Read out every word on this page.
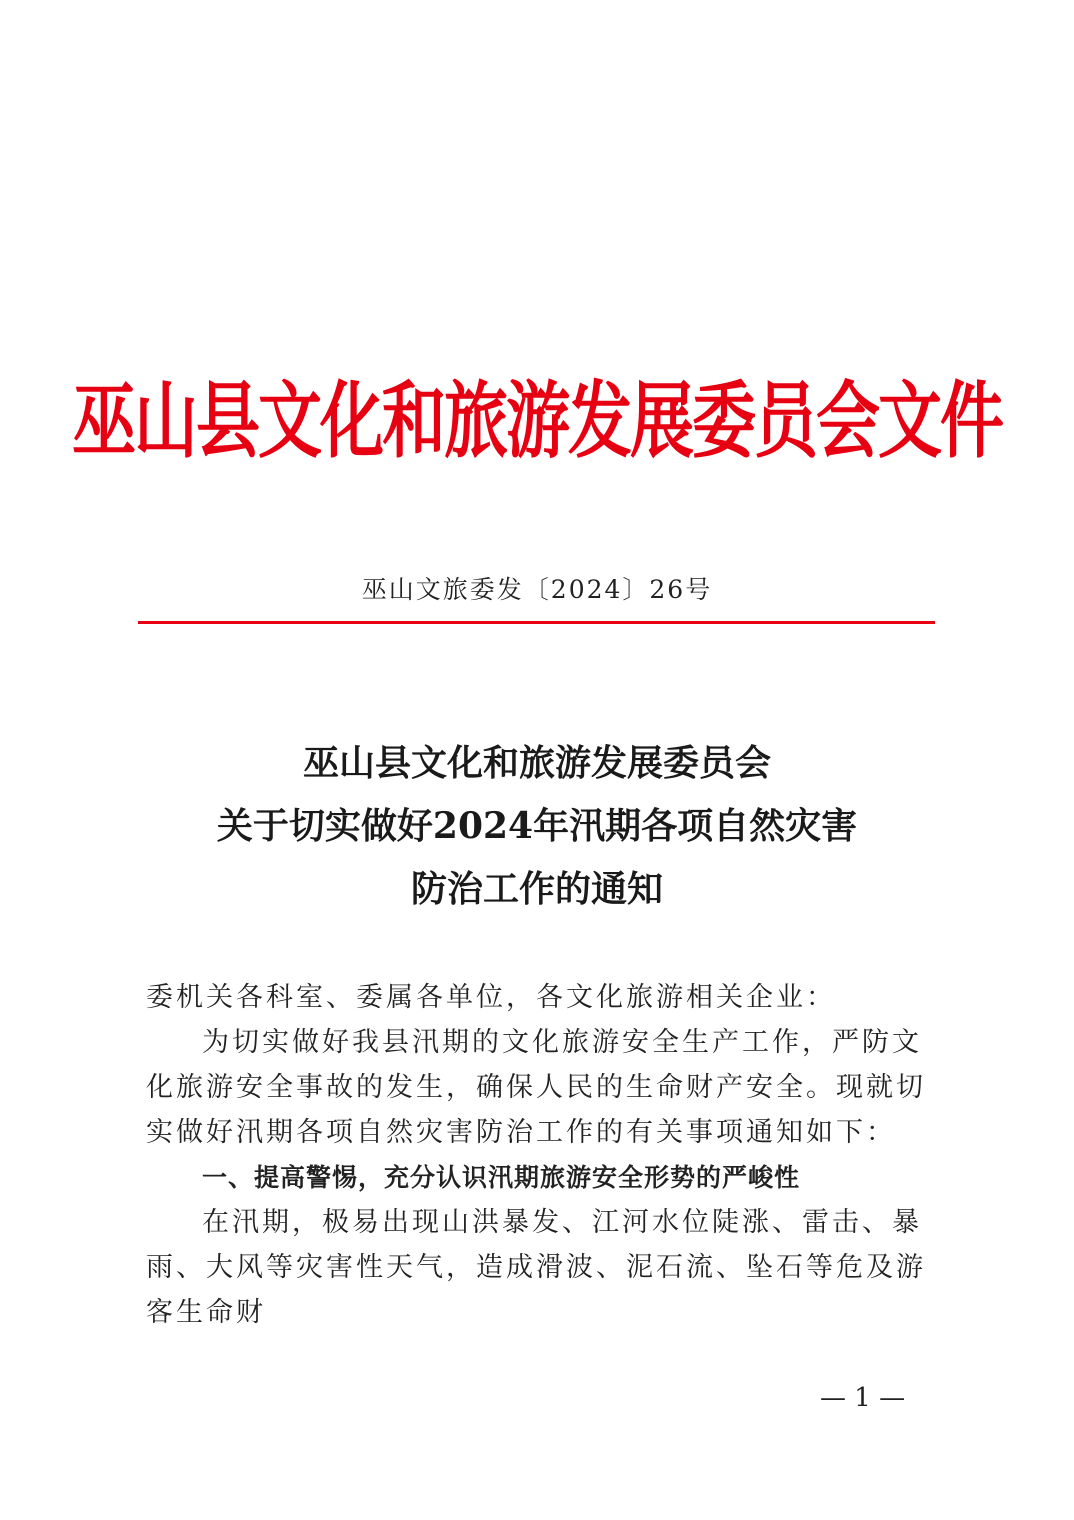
巫山县文化和旅游发展委员会文件
巫山文旅委发〔2024〕26号
巫山县文化和旅游发展委员会
关于切实做好2024年汛期各项自然灾害
防治工作的通知

委机关各科室、委属各单位，各文化旅游相关企业：

为切实做好我县汛期的文化旅游安全生产工作，严防文化旅游安全事故的发生，确保人民的生命财产安全。现就切实做好汛期各项自然灾害防治工作的有关事项通知如下：

一、提高警惕，充分认识汛期旅游安全形势的严峻性

在汛期，极易出现山洪暴发、江河水位陡涨、雷击、暴雨、大风等灾害性天气，造成滑波、泥石流、坠石等危及游客生命财

— 1 —
